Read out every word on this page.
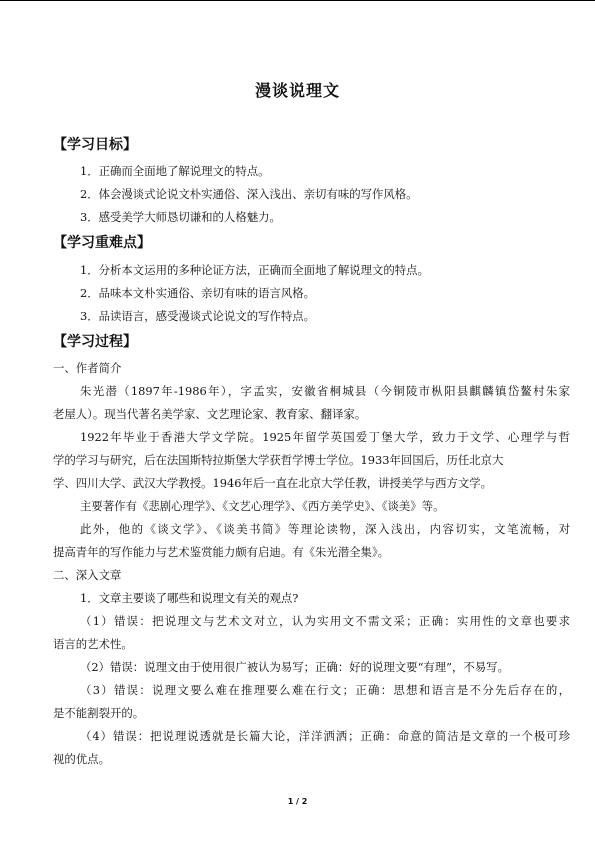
漫谈说理文
【学习目标】
1．正确而全面地了解说理文的特点。
2．体会漫谈式论说文朴实通俗、深入浅出、亲切有味的写作风格。
3．感受美学大师恳切谦和的人格魅力。
【学习重难点】
1．分析本文运用的多种论证方法，正确而全面地了解说理文的特点。
2．品味本文朴实通俗、亲切有味的语言风格。
3．品读语言，感受漫谈式论说文的写作特点。
【学习过程】
一、作者简介
朱光潜（1897年-1986年），字孟实，安徽省桐城县（今铜陵市枞阳县麒麟镇岱鳌村朱家
老屋人）。现当代著名美学家、文艺理论家、教育家、翻译家。
1922年毕业于香港大学文学院。1925年留学英国爱丁堡大学，致力于文学、心理学与哲
学的学习与研究，后在法国斯特拉斯堡大学获哲学博士学位。1933年回国后，历任北京大
学、四川大学、武汉大学教授。1946年后一直在北京大学任教，讲授美学与西方文学。
主要著作有《悲剧心理学》、《文艺心理学》、《西方美学史》、《谈美》等。
此外，他的《谈文学》、《谈美书简》等理论读物，深入浅出，内容切实，文笔流畅，对
提高青年的写作能力与艺术鉴赏能力颇有启迪。有《朱光潜全集》。
二、深入文章
1．文章主要谈了哪些和说理文有关的观点?
（1）错误：把说理文与艺术文对立，认为实用文不需文采；正确：实用性的文章也要求
语言的艺术性。
（2）错误：说理文由于使用很广被认为易写；正确：好的说理文要“有理”，不易写。
（3）错误：说理文要么难在推理要么难在行文；正确：思想和语言是不分先后存在的，
是不能割裂开的。
（4）错误：把说理说透就是长篇大论，洋洋洒洒；正确：命意的简洁是文章的一个极可珍
视的优点。
1 / 2
